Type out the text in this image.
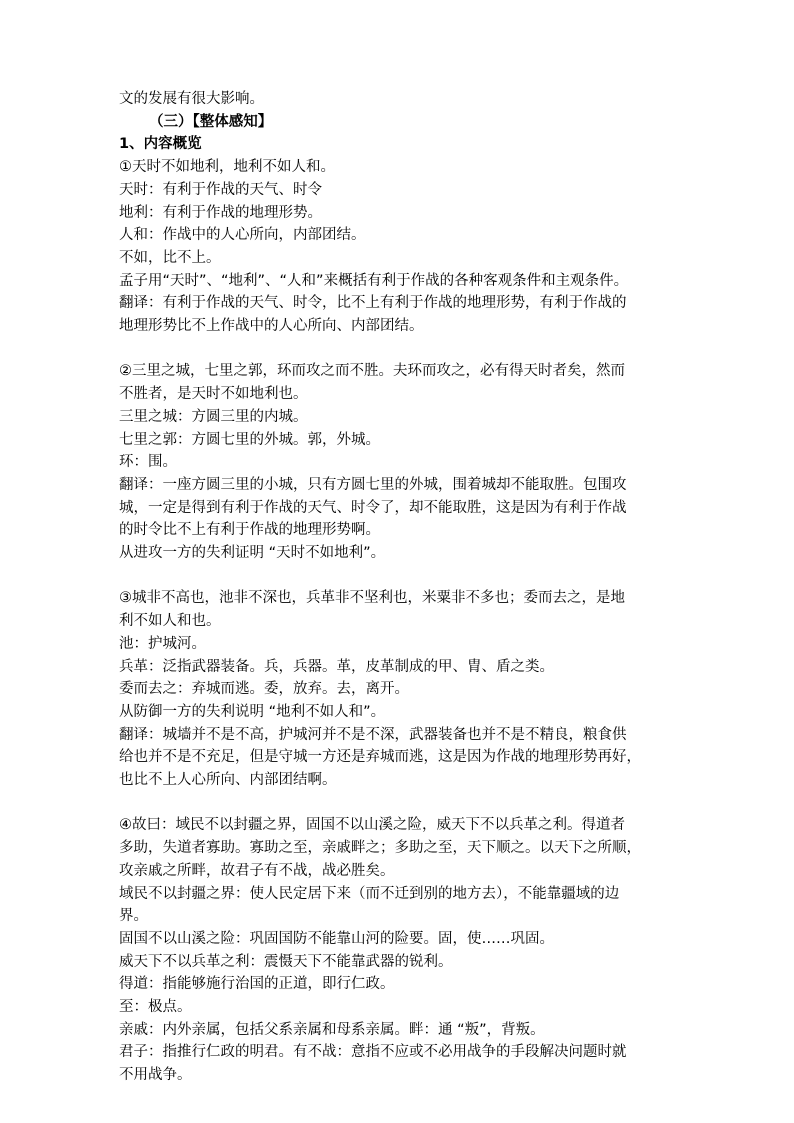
文的发展有很大影响。

（三）【整体感知】

1、内容概览

①天时不如地利，地利不如人和。

天时：有利于作战的天气、时令

地利：有利于作战的地理形势。

人和：作战中的人心所向，内部团结。

不如，比不上。

孟子用“天时”、“地利”、“人和”来概括有利于作战的各种客观条件和主观条件。

翻译：有利于作战的天气、时令，比不上有利于作战的地理形势，有利于作战的

地理形势比不上作战中的人心所向、内部团结。

②三里之城，七里之郭，环而攻之而不胜。夫环而攻之，必有得天时者矣，然而

不胜者，是天时不如地利也。

三里之城：方圆三里的内城。

七里之郭：方圆七里的外城。郭，外城。

环：围。

翻译：一座方圆三里的小城，只有方圆七里的外城，围着城却不能取胜。包围攻

城，一定是得到有利于作战的天气、时令了，却不能取胜，这是因为有利于作战

的时令比不上有利于作战的地理形势啊。

从进攻一方的失利证明 “天时不如地利”。

③城非不高也，池非不深也，兵革非不坚利也，米粟非不多也；委而去之，是地

利不如人和也。

池：护城河。

兵革：泛指武器装备。兵，兵器。革，皮革制成的甲、胄、盾之类。

委而去之：弃城而逃。委，放弃。去，离开。

从防御一方的失利说明 “地利不如人和”。

翻译：城墙并不是不高，护城河并不是不深，武器装备也并不是不精良，粮食供

给也并不是不充足，但是守城一方还是弃城而逃，这是因为作战的地理形势再好，

也比不上人心所向、内部团结啊。

④故曰：域民不以封疆之界，固国不以山溪之险，威天下不以兵革之利。得道者

多助，失道者寡助。寡助之至，亲戚畔之；多助之至，天下顺之。以天下之所顺，

攻亲戚之所畔，故君子有不战，战必胜矣。

域民不以封疆之界：使人民定居下来（而不迁到别的地方去），不能靠疆域的边

界。

固国不以山溪之险：巩固国防不能靠山河的险要。固，使……巩固。

威天下不以兵革之利：震慑天下不能靠武器的锐利。

得道：指能够施行治国的正道，即行仁政。

至：极点。

亲戚：内外亲属，包括父系亲属和母系亲属。畔：通 “叛”，背叛。

君子：指推行仁政的明君。有不战：意指不应或不必用战争的手段解决问题时就

不用战争。
